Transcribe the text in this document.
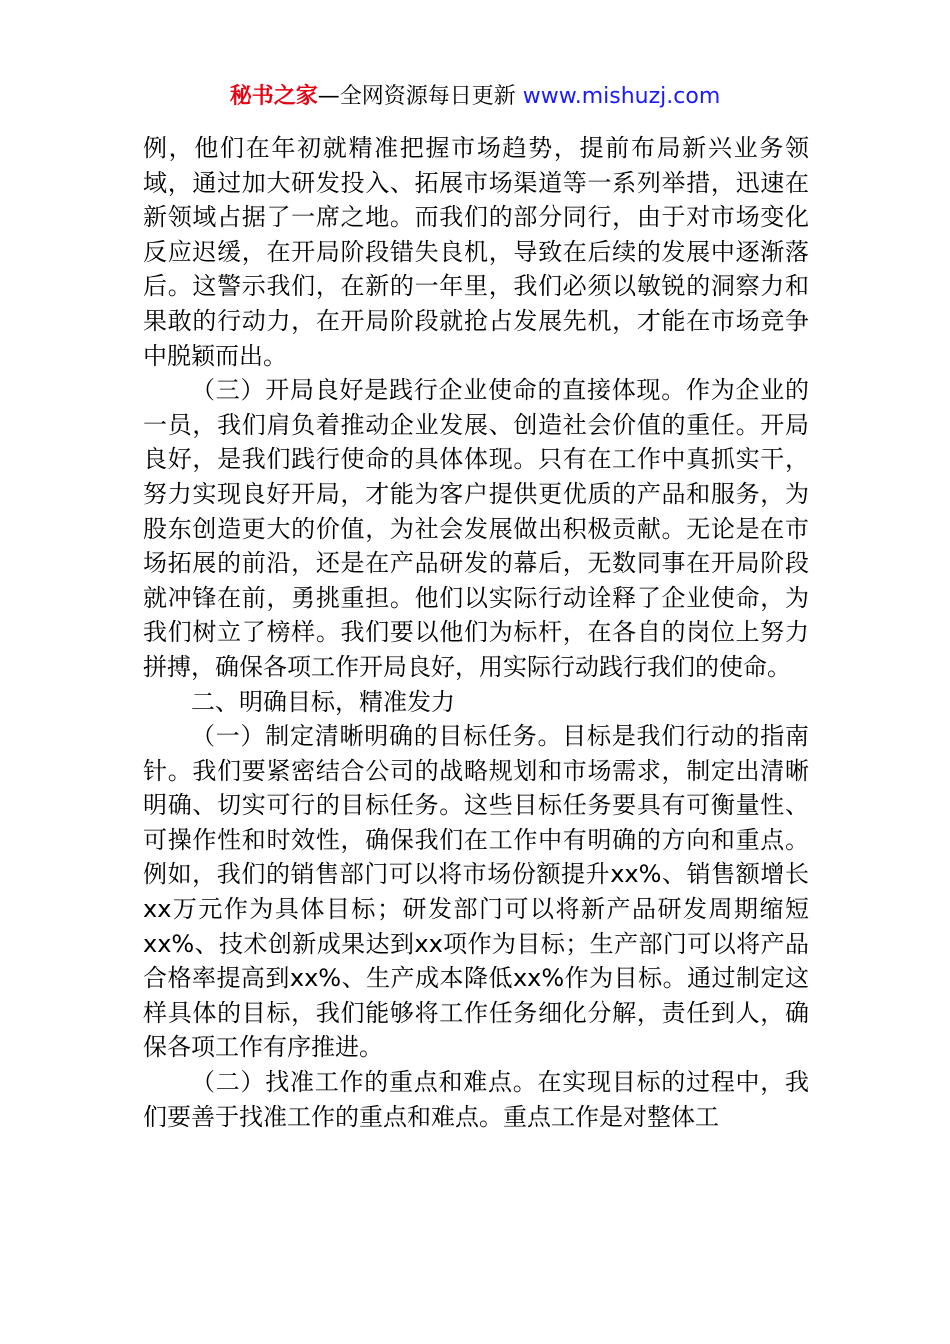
秘书之家—全网资源每日更新 www.mishuzj.com

例，他们在年初就精准把握市场趋势，提前布局新兴业务领域，通过加大研发投入、拓展市场渠道等一系列举措，迅速在新领域占据了一席之地。而我们的部分同行，由于对市场变化反应迟缓，在开局阶段错失良机，导致在后续的发展中逐渐落后。这警示我们，在新的一年里，我们必须以敏锐的洞察力和果敢的行动力，在开局阶段就抢占发展先机，才能在市场竞争中脱颖而出。

（三）开局良好是践行企业使命的直接体现。作为企业的一员，我们肩负着推动企业发展、创造社会价值的重任。开局良好，是我们践行使命的具体体现。只有在工作中真抓实干，努力实现良好开局，才能为客户提供更优质的产品和服务，为股东创造更大的价值，为社会发展做出积极贡献。无论是在市场拓展的前沿，还是在产品研发的幕后，无数同事在开局阶段就冲锋在前，勇挑重担。他们以实际行动诠释了企业使命，为我们树立了榜样。我们要以他们为标杆，在各自的岗位上努力拼搏，确保各项工作开局良好，用实际行动践行我们的使命。

二、明确目标，精准发力

（一）制定清晰明确的目标任务。目标是我们行动的指南针。我们要紧密结合公司的战略规划和市场需求，制定出清晰明确、切实可行的目标任务。这些目标任务要具有可衡量性、可操作性和时效性，确保我们在工作中有明确的方向和重点。例如，我们的销售部门可以将市场份额提升xx%、销售额增长xx万元作为具体目标；研发部门可以将新产品研发周期缩短xx%、技术创新成果达到xx项作为目标；生产部门可以将产品合格率提高到xx%、生产成本降低xx%作为目标。通过制定这样具体的目标，我们能够将工作任务细化分解，责任到人，确保各项工作有序推进。

（二）找准工作的重点和难点。在实现目标的过程中，我们要善于找准工作的重点和难点。重点工作是对整体工
